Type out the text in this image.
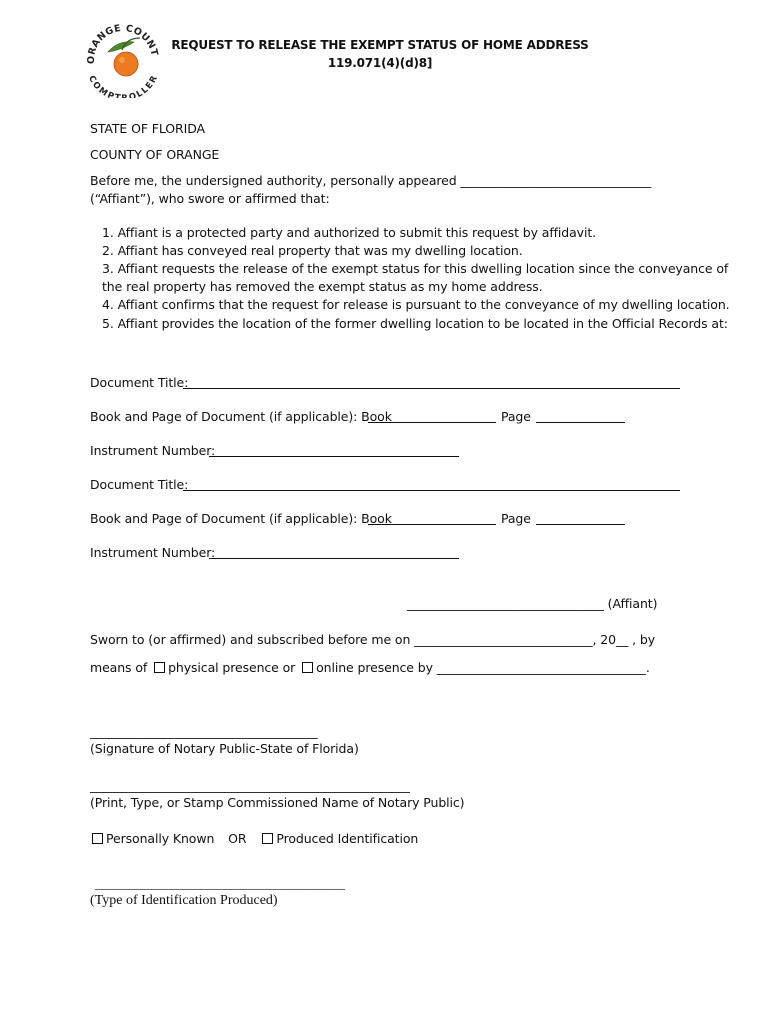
ORANGE COUNT
COMP OLLER
REQUEST TO RELEASE THE EXEMPT STATUS OF HOME ADDRESS
119.071(4)(d)8]
STATE OF FLORIDA
COUNTY OF ORANGE
Before me, the undersigned authority, personally appeared _______________________________
(“Affiant”), who swore or affirmed that:
1. Affiant is a protected party and authorized to submit this request by affidavit.
2. Affiant has conveyed real property that was my dwelling location.
3. Affiant requests the release of the exempt status for this dwelling location since the conveyance of
the real property has removed the exempt status as my home address.
4. Affiant confirms that the request for release is pursuant to the conveyance of my dwelling location.
5. Affiant provides the location of the former dwelling location to be located in the Official Records at:
Document Title:
Book and Page of Document (if applicable): Book	Page
Instrument Number:
Document Title:
Book and Page of Document (if applicable): Book	Page
Instrument Number:
________________________________ (Affiant)
Sworn to (or affirmed) and subscribed before me on _____________________________, 20__ , by
means of physical presence or online presence by __________________________________.
_____________________________________
(Signature of Notary Public-State of Florida)
____________________________________________________
(Print, Type, or Stamp Commissioned Name of Notary Public)
Personally Known OR Produced Identification
________________________________________
(Type of Identification Produced)
